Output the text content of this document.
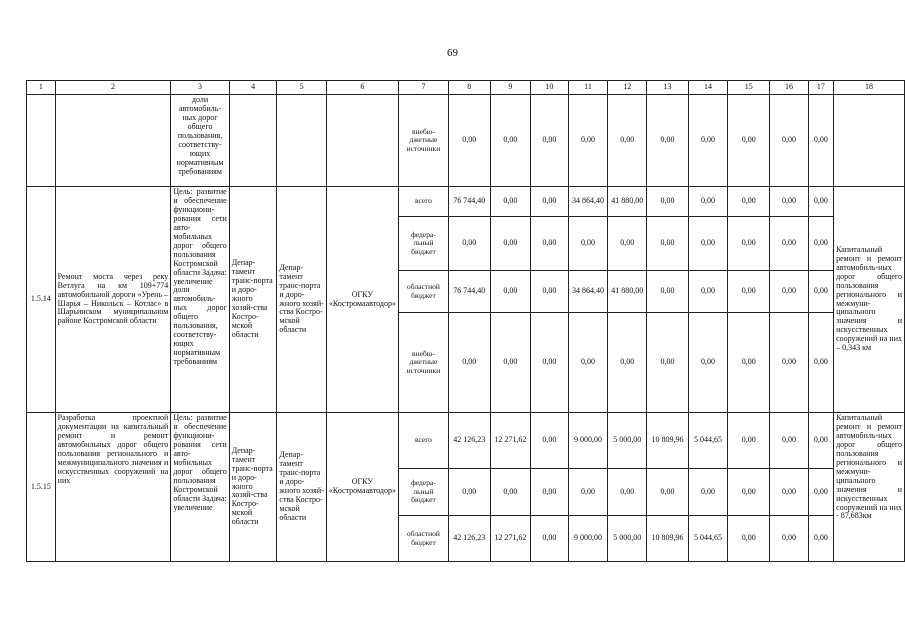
69
1	2	3	4	5	6	7	8	9	10	11	12	13	14	15	16	17	18
		доли автомобиль-ных дорог общего пользования, соответству-ющих нормативным требованиям				внебю-джетные источники	0,00	0,00	0,00	0,00	0,00	0,00	0,00	0,00	0,00	0,00	
1.5.14	Ремонт моста через реку Ветлуга на км 109+774 автомобильной дороги «Урень –Шарья – Никольск – Котлас» в Шарьинском муниципальном районе Костромской области	Цель: развитие и обеспечение функциони-рования сети авто-мобильных дорог общего пользования Костромской области Задача: увеличение доли автомобиль-ных дорог общего пользования, соответству-ющих нормативным требованиям	Депар-тамент транс-порта и доро-жного хозяй-ства Костро-мской области	Депар-тамент транс-порта и доро-жного хозяй-ства Костро-мской области	ОГКУ «Костромаавтодор»	всего	76 744,40	0,00	0,00	34 864,40	41 880,00	0,00	0,00	0,00	0,00	0,00	Капитальный ремонт и ремонт автомобиль-ных дорог общего пользования регионального и межмуни-ципального значения и искусственных сооружений на них – 0,343 км
						федера-льный бюджет	0,00	0,00	0,00	0,00	0,00	0,00	0,00	0,00	0,00	0,00	
						областной бюджет	76 744,40	0,00	0,00	34 864,40	41 880,00	0,00	0,00	0,00	0,00	0,00	
						внебю-джетные источники	0,00	0,00	0,00	0,00	0,00	0,00	0,00	0,00	0,00	0,00	
1.5.15	Разработка проектной документации на капитальный ремонт и ремонт автомобильных дорог общего пользования регионального и межмуниципального значения и искусственных сооружений на них	Цель: развитие и обеспечение функциони-рования сети авто-мобильных дорог общего пользования Костромской области Задача: увеличение	Депар-тамент транс-порта и доро-жного хозяй-ства Костро-мской области	Депар-тамент транс-порта и доро-жного хозяй-ства Костро-мской области	ОГКУ «Костромаавтодор»	всего	42 126,23	12 271,62	0,00	9 000,00	5 000,00	10 809,96	5 044,65	0,00	0,00	0,00	Капитальный ремонт и ремонт автомобиль-ных дорог общего пользования регионального и межмуни-ципального значения и искусственных сооружений на них - 87,683км
						федера-льный бюджет	0,00	0,00	0,00	0,00	0,00	0,00	0,00	0,00	0,00	0,00	
						областной бюджет	42 126,23	12 271,62	0,00	9 000,00	5 000,00	10 809,96	5 044,65	0,00	0,00	0,00	
